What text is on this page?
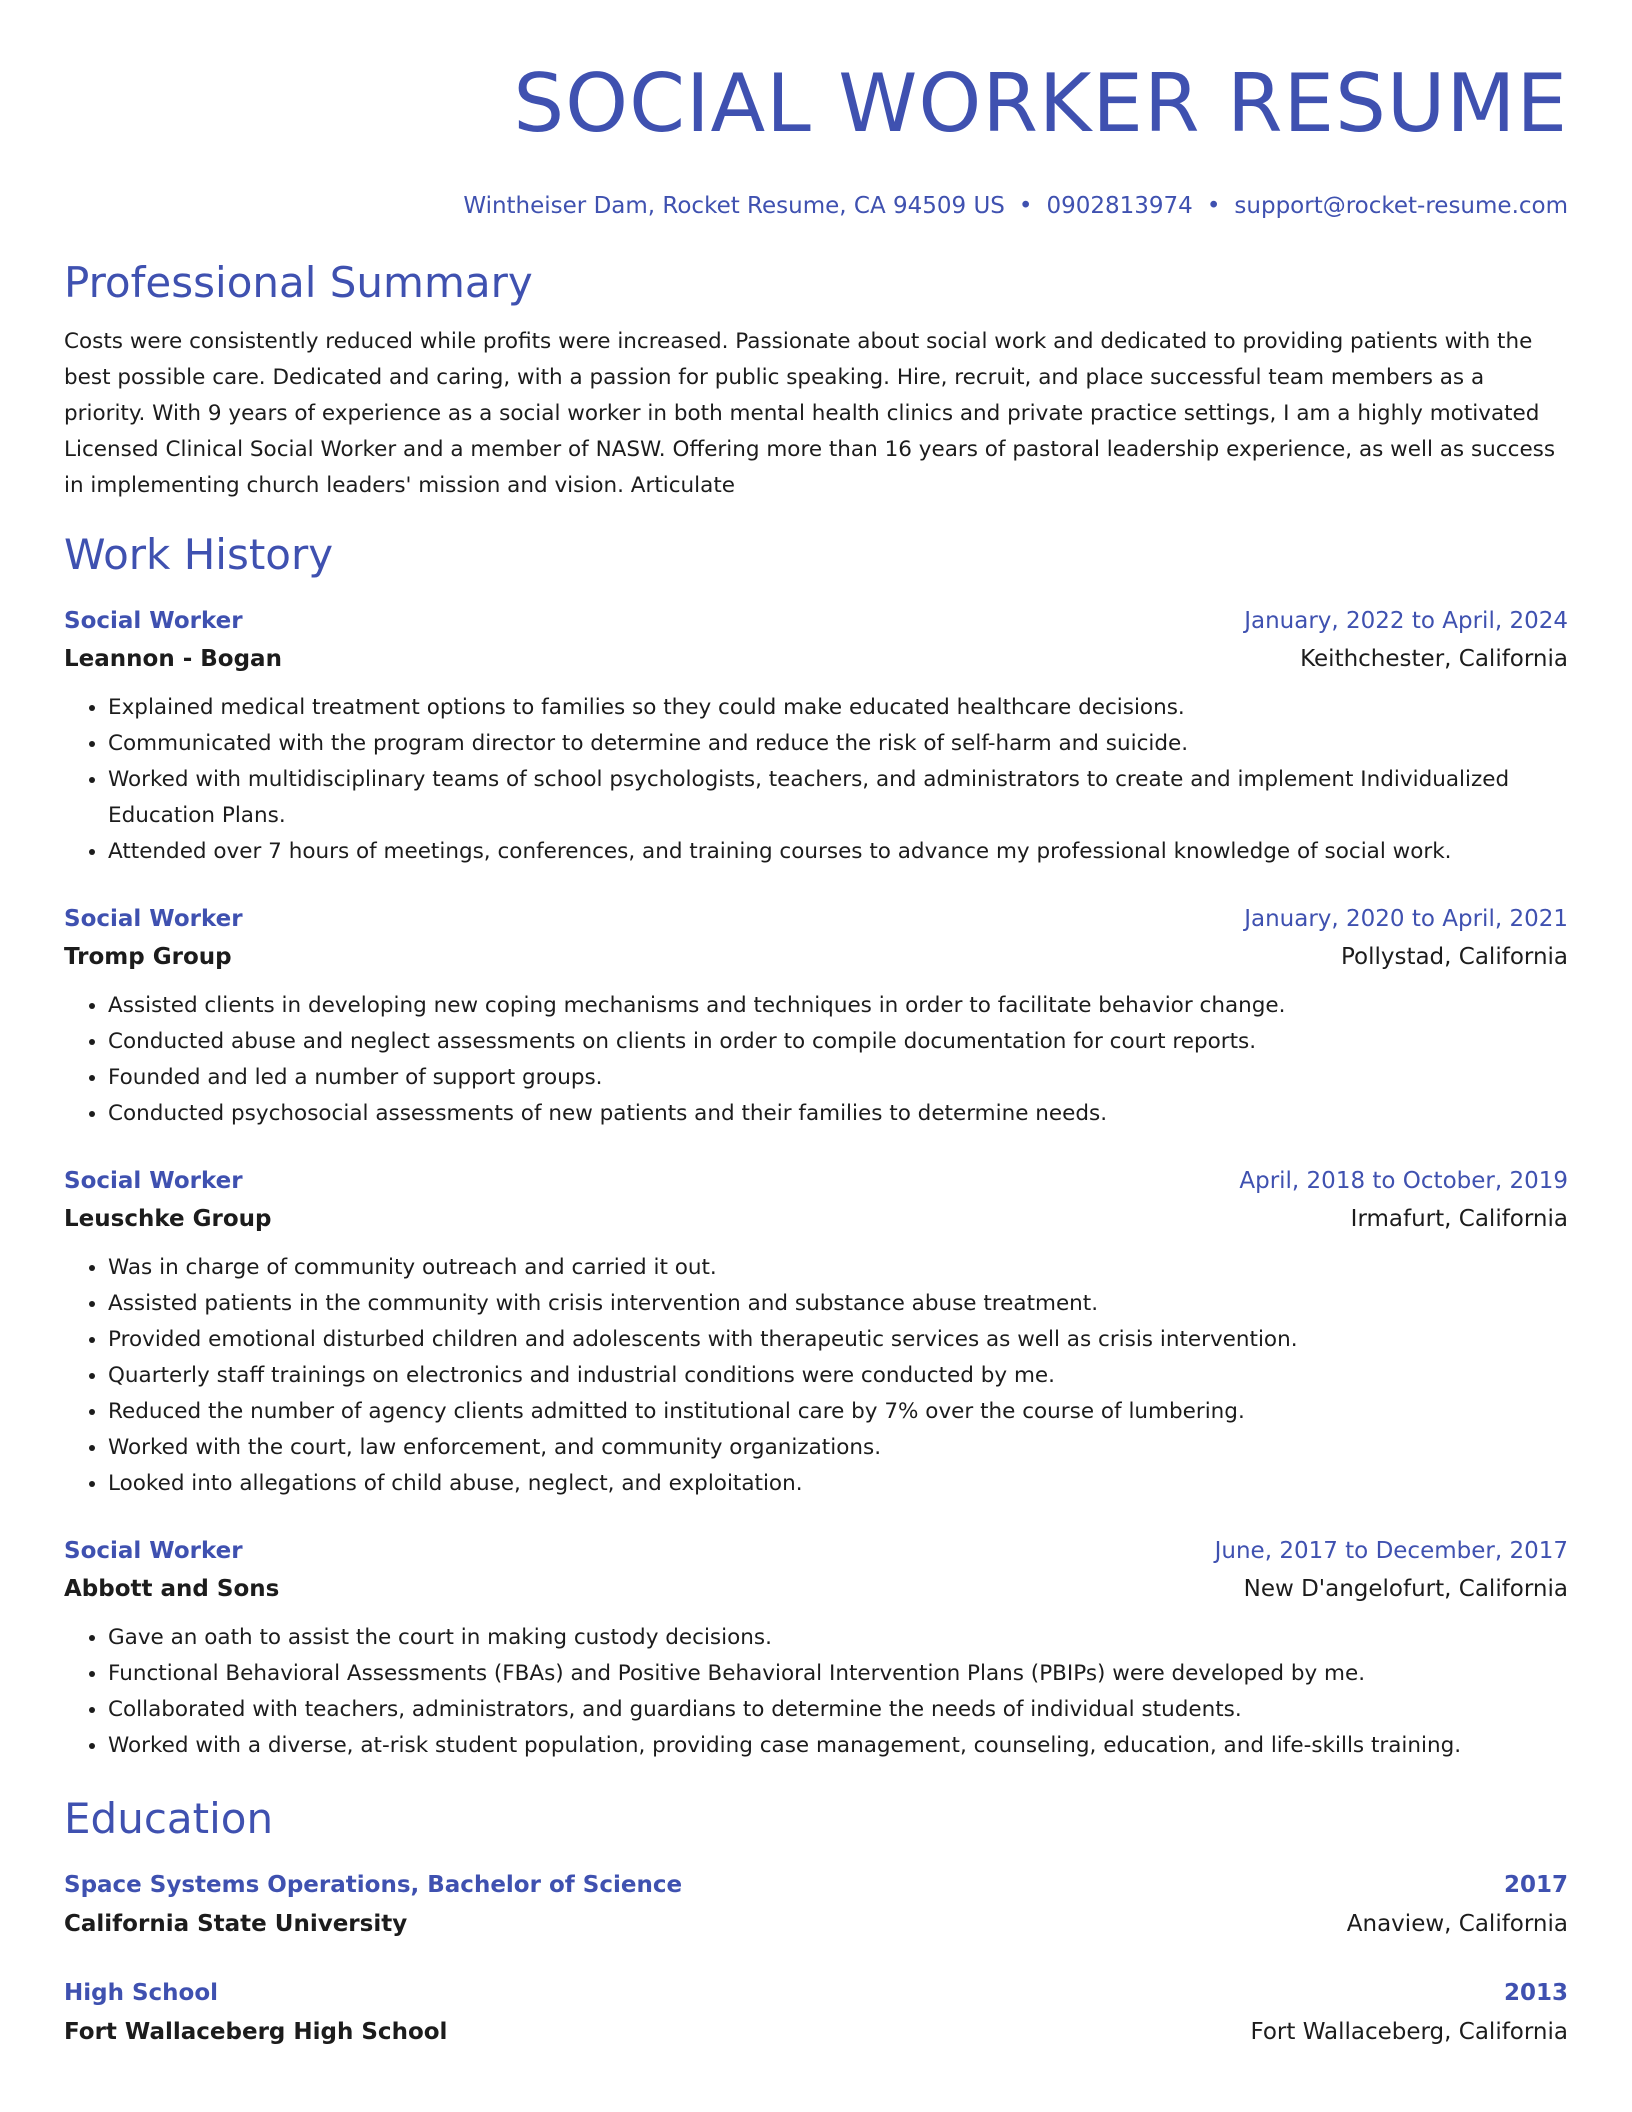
SOCIAL WORKER RESUME
Wintheiser Dam, Rocket Resume, CA 94509 US • 0902813974 • support@rocket-resume.com
Professional Summary

Costs were consistently reduced while profits were increased. Passionate about social work and dedicated to providing patients with the best possible care. Dedicated and caring, with a passion for public speaking. Hire, recruit, and place successful team members as a priority. With 9 years of experience as a social worker in both mental health clinics and private practice settings, I am a highly motivated Licensed Clinical Social Worker and a member of NASW. Offering more than 16 years of pastoral leadership experience, as well as success in implementing church leaders' mission and vision. Articulate

Work History
Social Worker	January, 2022 to April, 2024
Leannon - Bogan	Keithchester, California
• Explained medical treatment options to families so they could make educated healthcare decisions.
• Communicated with the program director to determine and reduce the risk of self-harm and suicide.
• Worked with multidisciplinary teams of school psychologists, teachers, and administrators to create and implement Individualized Education Plans.
• Attended over 7 hours of meetings, conferences, and training courses to advance my professional knowledge of social work.
Social Worker	January, 2020 to April, 2021
Tromp Group	Pollystad, California
• Assisted clients in developing new coping mechanisms and techniques in order to facilitate behavior change.
• Conducted abuse and neglect assessments on clients in order to compile documentation for court reports.
• Founded and led a number of support groups.
• Conducted psychosocial assessments of new patients and their families to determine needs.
Social Worker	April, 2018 to October, 2019
Leuschke Group	Irmafurt, California
• Was in charge of community outreach and carried it out.
• Assisted patients in the community with crisis intervention and substance abuse treatment.
• Provided emotional disturbed children and adolescents with therapeutic services as well as crisis intervention.
• Quarterly staff trainings on electronics and industrial conditions were conducted by me.
• Reduced the number of agency clients admitted to institutional care by 7% over the course of lumbering.
• Worked with the court, law enforcement, and community organizations.
• Looked into allegations of child abuse, neglect, and exploitation.
Social Worker	June, 2017 to December, 2017
Abbott and Sons	New D'angelofurt, California
• Gave an oath to assist the court in making custody decisions.
• Functional Behavioral Assessments (FBAs) and Positive Behavioral Intervention Plans (PBIPs) were developed by me.
• Collaborated with teachers, administrators, and guardians to determine the needs of individual students.
• Worked with a diverse, at-risk student population, providing case management, counseling, education, and life-skills training.
Education
Space Systems Operations, Bachelor of Science	2017
California State University	Anaview, California
High School	2013
Fort Wallaceberg High School	Fort Wallaceberg, California
